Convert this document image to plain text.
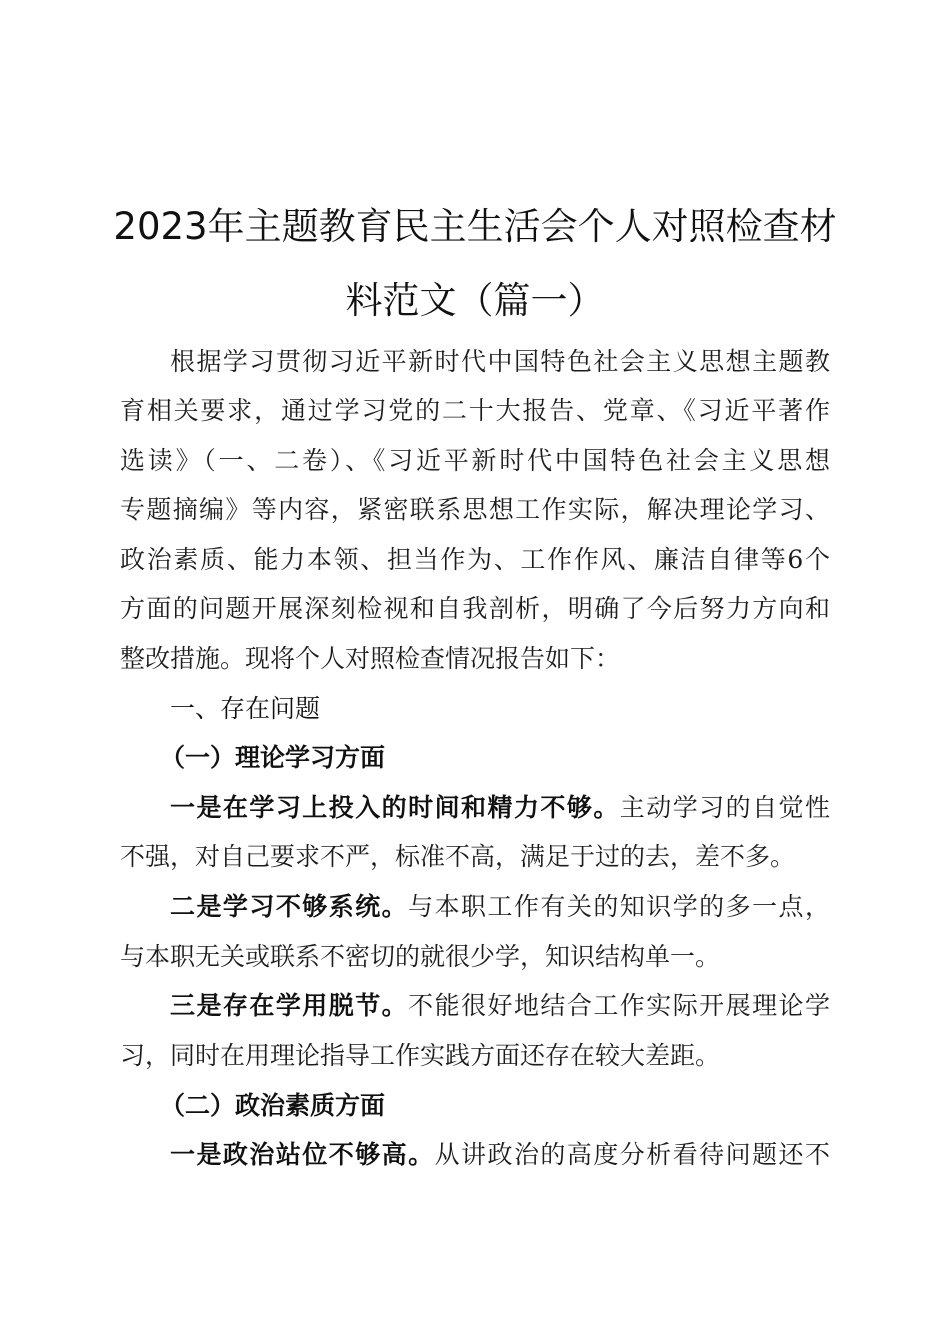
2023年主题教育民主生活会个人对照检查材
料范文（篇一）
根据学习贯彻习近平新时代中国特色社会主义思想主题教
育相关要求，通过学习党的二十大报告、党章、《习近平著作
选读》（一、二卷）、《习近平新时代中国特色社会主义思想
专题摘编》等内容，紧密联系思想工作实际，解决理论学习、
政治素质、能力本领、担当作为、工作作风、廉洁自律等6个
方面的问题开展深刻检视和自我剖析，明确了今后努力方向和
整改措施。现将个人对照检查情况报告如下：
一、存在问题
（一）理论学习方面
一是在学习上投入的时间和精力不够。主动学习的自觉性
不强，对自己要求不严，标准不高，满足于过的去，差不多。
二是学习不够系统。与本职工作有关的知识学的多一点，
与本职无关或联系不密切的就很少学，知识结构单一。
三是存在学用脱节。不能很好地结合工作实际开展理论学
习，同时在用理论指导工作实践方面还存在较大差距。
（二）政治素质方面
一是政治站位不够高。从讲政治的高度分析看待问题还不
